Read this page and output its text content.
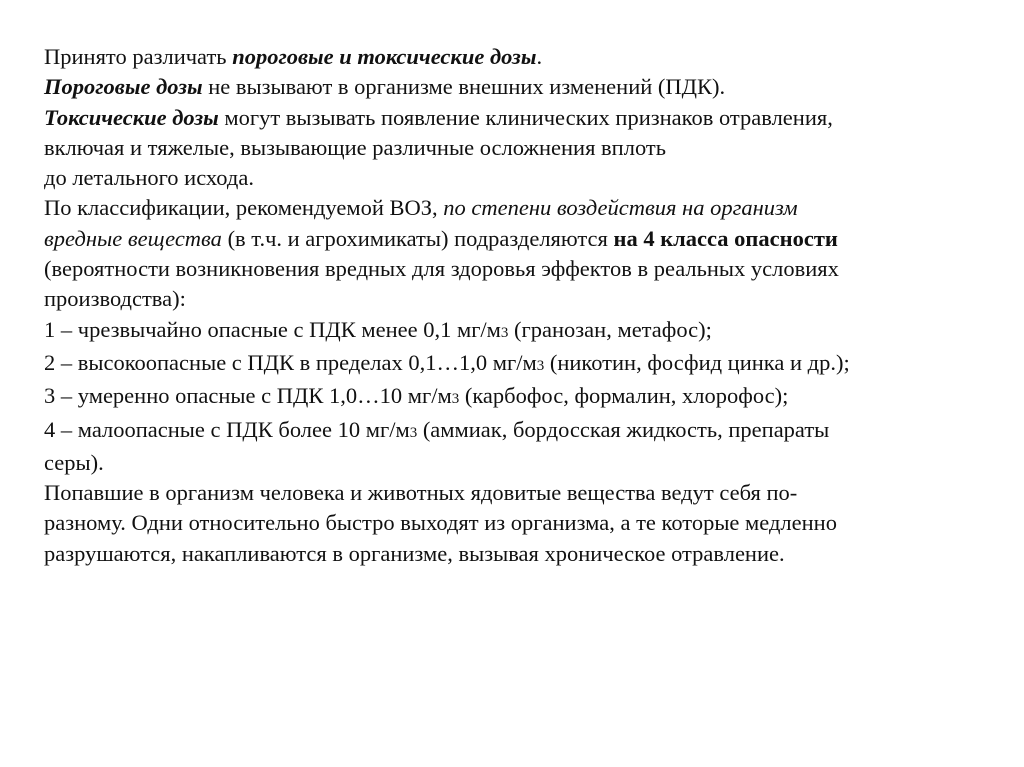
Принято различать пороговые и токсические дозы.

Пороговые дозы не вызывают в организме внешних изменений (ПДК).

Токсические дозы могут вызывать появление клинических признаков отравления,

включая и тяжелые, вызывающие различные осложнения вплоть

до летального исхода.

По классификации, рекомендуемой ВОЗ, по степени воздействия на организм

вредные вещества (в т.ч. и агрохимикаты) подразделяются на 4 класса опасности

(вероятности возникновения вредных для здоровья эффектов в реальных условиях

производства):

1 – чрезвычайно опасные с ПДК менее 0,1 мг/м3 (гранозан, метафос);

2 – высокоопасные с ПДК в пределах 0,1…1,0 мг/м3 (никотин, фосфид цинка и др.);

3 – умеренно опасные с ПДК 1,0…10 мг/м3 (карбофос, формалин, хлорофос);

4 – малоопасные с ПДК более 10 мг/м3 (аммиак, бордосская жидкость, препараты

серы).

Попавшие в организм человека и животных ядовитые вещества ведут себя по-

разному. Одни относительно быстро выходят из организма, а те которые медленно

разрушаются, накапливаются в организме, вызывая хроническое отравление.
